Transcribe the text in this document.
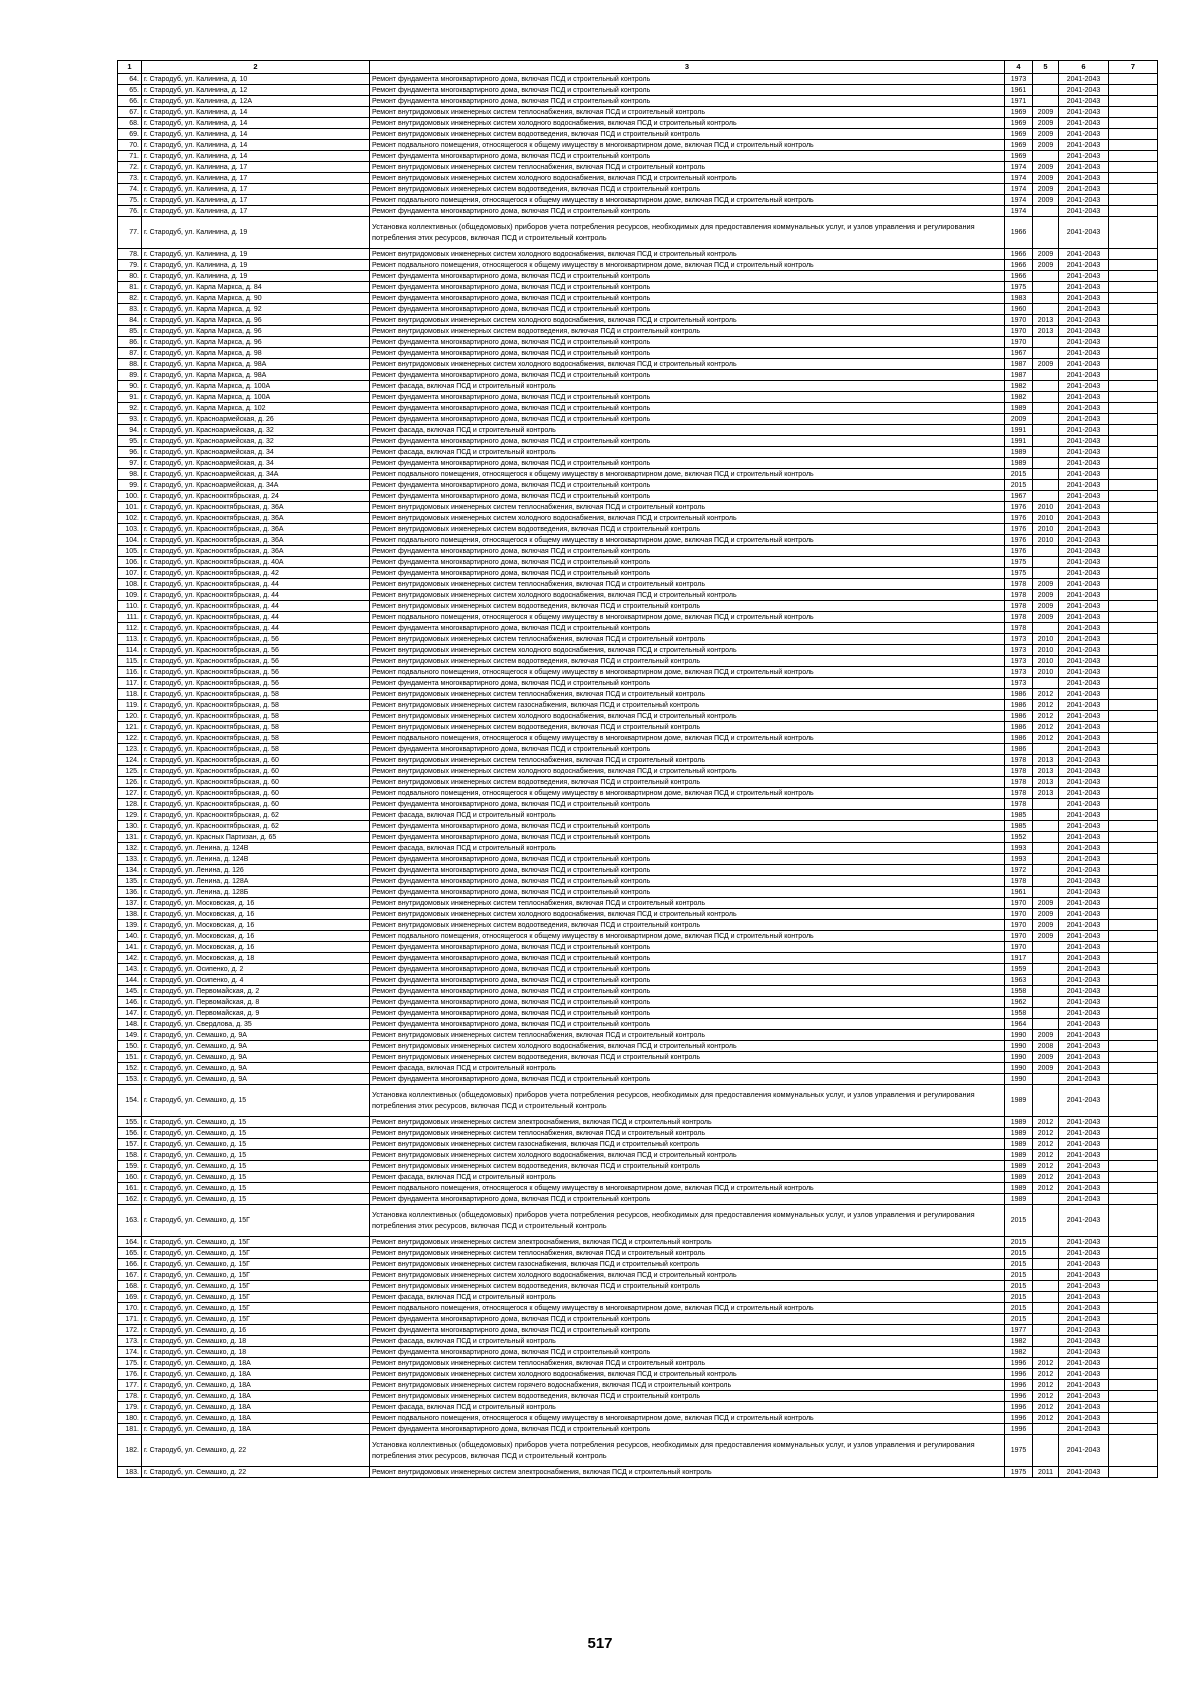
1	2	3	4	5	6	7
64.	г. Стародуб, ул. Калинина, д. 10	Ремонт фундамента многоквартирного дома, включая ПСД и строительный контроль	1973		2041-2043	
65.	г. Стародуб, ул. Калинина, д. 12	Ремонт фундамента многоквартирного дома, включая ПСД и строительный контроль	1961		2041-2043	
66.	г. Стародуб, ул. Калинина, д. 12А	Ремонт фундамента многоквартирного дома, включая ПСД и строительный контроль	1971		2041-2043	
67.	г. Стародуб, ул. Калинина, д. 14	Ремонт внутридомовых инженерных систем теплоснабжения, включая ПСД и строительный контроль	1969	2009	2041-2043	
68.	г. Стародуб, ул. Калинина, д. 14	Ремонт внутридомовых инженерных систем холодного водоснабжения, включая ПСД и строительный контроль	1969	2009	2041-2043	
69.	г. Стародуб, ул. Калинина, д. 14	Ремонт внутридомовых инженерных систем водоотведения, включая ПСД и строительный контроль	1969	2009	2041-2043	
70.	г. Стародуб, ул. Калинина, д. 14	Ремонт подвального помещения, относящегося к общему имуществу в многоквартирном доме, включая ПСД и строительный контроль	1969	2009	2041-2043	
71.	г. Стародуб, ул. Калинина, д. 14	Ремонт фундамента многоквартирного дома, включая ПСД и строительный контроль	1969		2041-2043	
72.	г. Стародуб, ул. Калинина, д. 17	Ремонт внутридомовых инженерных систем теплоснабжения, включая ПСД и строительный контроль	1974	2009	2041-2043	
73.	г. Стародуб, ул. Калинина, д. 17	Ремонт внутридомовых инженерных систем холодного водоснабжения, включая ПСД и строительный контроль	1974	2009	2041-2043	
74.	г. Стародуб, ул. Калинина, д. 17	Ремонт внутридомовых инженерных систем водоотведения, включая ПСД и строительный контроль	1974	2009	2041-2043	
75.	г. Стародуб, ул. Калинина, д. 17	Ремонт подвального помещения, относящегося к общему имуществу в многоквартирном доме, включая ПСД и строительный контроль	1974	2009	2041-2043	
76.	г. Стародуб, ул. Калинина, д. 17	Ремонт фундамента многоквартирного дома, включая ПСД и строительный контроль	1974		2041-2043	
77.	г. Стародуб, ул. Калинина, д. 19	Установка коллективных (общедомовых) приборов учета потребления ресурсов, необходимых для предоставления коммунальных услуг, и узлов управления и регулирования потребления этих ресурсов, включая ПСД и строительный контроль	1966		2041-2043	
78.	г. Стародуб, ул. Калинина, д. 19	Ремонт внутридомовых инженерных систем холодного водоснабжения, включая ПСД и строительный контроль	1966	2009	2041-2043	
79.	г. Стародуб, ул. Калинина, д. 19	Ремонт подвального помещения, относящегося к общему имуществу в многоквартирном доме, включая ПСД и строительный контроль	1966	2009	2041-2043	
80.	г. Стародуб, ул. Калинина, д. 19	Ремонт фундамента многоквартирного дома, включая ПСД и строительный контроль	1966		2041-2043	
81.	г. Стародуб, ул. Карла Маркса, д. 84	Ремонт фундамента многоквартирного дома, включая ПСД и строительный контроль	1975		2041-2043	
82.	г. Стародуб, ул. Карла Маркса, д. 90	Ремонт фундамента многоквартирного дома, включая ПСД и строительный контроль	1983		2041-2043	
83.	г. Стародуб, ул. Карла Маркса, д. 92	Ремонт фундамента многоквартирного дома, включая ПСД и строительный контроль	1960		2041-2043	
84.	г. Стародуб, ул. Карла Маркса, д. 96	Ремонт внутридомовых инженерных систем холодного водоснабжения, включая ПСД и строительный контроль	1970	2013	2041-2043	
85.	г. Стародуб, ул. Карла Маркса, д. 96	Ремонт внутридомовых инженерных систем водоотведения, включая ПСД и строительный контроль	1970	2013	2041-2043	
86.	г. Стародуб, ул. Карла Маркса, д. 96	Ремонт фундамента многоквартирного дома, включая ПСД и строительный контроль	1970		2041-2043	
87.	г. Стародуб, ул. Карла Маркса, д. 98	Ремонт фундамента многоквартирного дома, включая ПСД и строительный контроль	1967		2041-2043	
88.	г. Стародуб, ул. Карла Маркса, д. 98А	Ремонт внутридомовых инженерных систем холодного водоснабжения, включая ПСД и строительный контроль	1987	2009	2041-2043	
89.	г. Стародуб, ул. Карла Маркса, д. 98А	Ремонт фундамента многоквартирного дома, включая ПСД и строительный контроль	1987		2041-2043	
90.	г. Стародуб, ул. Карла Маркса, д. 100А	Ремонт фасада, включая ПСД и строительный контроль	1982		2041-2043	
91.	г. Стародуб, ул. Карла Маркса, д. 100А	Ремонт фундамента многоквартирного дома, включая ПСД и строительный контроль	1982		2041-2043	
92.	г. Стародуб, ул. Карла Маркса, д. 102	Ремонт фундамента многоквартирного дома, включая ПСД и строительный контроль	1989		2041-2043	
93.	г. Стародуб, ул. Красноармейская, д. 26	Ремонт фундамента многоквартирного дома, включая ПСД и строительный контроль	2009		2041-2043	
94.	г. Стародуб, ул. Красноармейская, д. 32	Ремонт фасада, включая ПСД и строительный контроль	1991		2041-2043	
95.	г. Стародуб, ул. Красноармейская, д. 32	Ремонт фундамента многоквартирного дома, включая ПСД и строительный контроль	1991		2041-2043	
96.	г. Стародуб, ул. Красноармейская, д. 34	Ремонт фасада, включая ПСД и строительный контроль	1989		2041-2043	
97.	г. Стародуб, ул. Красноармейская, д. 34	Ремонт фундамента многоквартирного дома, включая ПСД и строительный контроль	1989		2041-2043	
98.	г. Стародуб, ул. Красноармейская, д. 34А	Ремонт подвального помещения, относящегося к общему имуществу в многоквартирном доме, включая ПСД и строительный контроль	2015		2041-2043	
99.	г. Стародуб, ул. Красноармейская, д. 34А	Ремонт фундамента многоквартирного дома, включая ПСД и строительный контроль	2015		2041-2043	
100.	г. Стародуб, ул. Краснооктябрьская, д. 24	Ремонт фундамента многоквартирного дома, включая ПСД и строительный контроль	1967		2041-2043	
101.	г. Стародуб, ул. Краснооктябрьская, д. 36А	Ремонт внутридомовых инженерных систем теплоснабжения, включая ПСД и строительный контроль	1976	2010	2041-2043	
102.	г. Стародуб, ул. Краснооктябрьская, д. 36А	Ремонт внутридомовых инженерных систем холодного водоснабжения, включая ПСД и строительный контроль	1976	2010	2041-2043	
103.	г. Стародуб, ул. Краснооктябрьская, д. 36А	Ремонт внутридомовых инженерных систем водоотведения, включая ПСД и строительный контроль	1976	2010	2041-2043	
104.	г. Стародуб, ул. Краснооктябрьская, д. 36А	Ремонт подвального помещения, относящегося к общему имуществу в многоквартирном доме, включая ПСД и строительный контроль	1976	2010	2041-2043	
105.	г. Стародуб, ул. Краснооктябрьская, д. 36А	Ремонт фундамента многоквартирного дома, включая ПСД и строительный контроль	1976		2041-2043	
106.	г. Стародуб, ул. Краснооктябрьская, д. 40А	Ремонт фундамента многоквартирного дома, включая ПСД и строительный контроль	1975		2041-2043	
107.	г. Стародуб, ул. Краснооктябрьская, д. 42	Ремонт фундамента многоквартирного дома, включая ПСД и строительный контроль	1975		2041-2043	
108.	г. Стародуб, ул. Краснооктябрьская, д. 44	Ремонт внутридомовых инженерных систем теплоснабжения, включая ПСД и строительный контроль	1978	2009	2041-2043	
109.	г. Стародуб, ул. Краснооктябрьская, д. 44	Ремонт внутридомовых инженерных систем холодного водоснабжения, включая ПСД и строительный контроль	1978	2009	2041-2043	
110.	г. Стародуб, ул. Краснооктябрьская, д. 44	Ремонт внутридомовых инженерных систем водоотведения, включая ПСД и строительный контроль	1978	2009	2041-2043	
111.	г. Стародуб, ул. Краснооктябрьская, д. 44	Ремонт подвального помещения, относящегося к общему имуществу в многоквартирном доме, включая ПСД и строительный контроль	1978	2009	2041-2043	
112.	г. Стародуб, ул. Краснооктябрьская, д. 44	Ремонт фундамента многоквартирного дома, включая ПСД и строительный контроль	1978		2041-2043	
113.	г. Стародуб, ул. Краснооктябрьская, д. 56	Ремонт внутридомовых инженерных систем теплоснабжения, включая ПСД и строительный контроль	1973	2010	2041-2043	
114.	г. Стародуб, ул. Краснооктябрьская, д. 56	Ремонт внутридомовых инженерных систем холодного водоснабжения, включая ПСД и строительный контроль	1973	2010	2041-2043	
115.	г. Стародуб, ул. Краснооктябрьская, д. 56	Ремонт внутридомовых инженерных систем водоотведения, включая ПСД и строительный контроль	1973	2010	2041-2043	
116.	г. Стародуб, ул. Краснооктябрьская, д. 56	Ремонт подвального помещения, относящегося к общему имуществу в многоквартирном доме, включая ПСД и строительный контроль	1973	2010	2041-2043	
117.	г. Стародуб, ул. Краснооктябрьская, д. 56	Ремонт фундамента многоквартирного дома, включая ПСД и строительный контроль	1973		2041-2043	
118.	г. Стародуб, ул. Краснооктябрьская, д. 58	Ремонт внутридомовых инженерных систем теплоснабжения, включая ПСД и строительный контроль	1986	2012	2041-2043	
119.	г. Стародуб, ул. Краснооктябрьская, д. 58	Ремонт внутридомовых инженерных систем газоснабжения, включая ПСД и строительный контроль	1986	2012	2041-2043	
120.	г. Стародуб, ул. Краснооктябрьская, д. 58	Ремонт внутридомовых инженерных систем холодного водоснабжения, включая ПСД и строительный контроль	1986	2012	2041-2043	
121.	г. Стародуб, ул. Краснооктябрьская, д. 58	Ремонт внутридомовых инженерных систем водоотведения, включая ПСД и строительный контроль	1986	2012	2041-2043	
122.	г. Стародуб, ул. Краснооктябрьская, д. 58	Ремонт подвального помещения, относящегося к общему имуществу в многоквартирном доме, включая ПСД и строительный контроль	1986	2012	2041-2043	
123.	г. Стародуб, ул. Краснооктябрьская, д. 58	Ремонт фундамента многоквартирного дома, включая ПСД и строительный контроль	1986		2041-2043	
124.	г. Стародуб, ул. Краснооктябрьская, д. 60	Ремонт внутридомовых инженерных систем теплоснабжения, включая ПСД и строительный контроль	1978	2013	2041-2043	
125.	г. Стародуб, ул. Краснооктябрьская, д. 60	Ремонт внутридомовых инженерных систем холодного водоснабжения, включая ПСД и строительный контроль	1978	2013	2041-2043	
126.	г. Стародуб, ул. Краснооктябрьская, д. 60	Ремонт внутридомовых инженерных систем водоотведения, включая ПСД и строительный контроль	1978	2013	2041-2043	
127.	г. Стародуб, ул. Краснооктябрьская, д. 60	Ремонт подвального помещения, относящегося к общему имуществу в многоквартирном доме, включая ПСД и строительный контроль	1978	2013	2041-2043	
128.	г. Стародуб, ул. Краснооктябрьская, д. 60	Ремонт фундамента многоквартирного дома, включая ПСД и строительный контроль	1978		2041-2043	
129.	г. Стародуб, ул. Краснооктябрьская, д. 62	Ремонт фасада, включая ПСД и строительный контроль	1985		2041-2043	
130.	г. Стародуб, ул. Краснооктябрьская, д. 62	Ремонт фундамента многоквартирного дома, включая ПСД и строительный контроль	1985		2041-2043	
131.	г. Стародуб, ул. Красных Партизан, д. 65	Ремонт фундамента многоквартирного дома, включая ПСД и строительный контроль	1952		2041-2043	
132.	г. Стародуб, ул. Ленина, д. 124В	Ремонт фасада, включая ПСД и строительный контроль	1993		2041-2043	
133.	г. Стародуб, ул. Ленина, д. 124В	Ремонт фундамента многоквартирного дома, включая ПСД и строительный контроль	1993		2041-2043	
134.	г. Стародуб, ул. Ленина, д. 126	Ремонт фундамента многоквартирного дома, включая ПСД и строительный контроль	1972		2041-2043	
135.	г. Стародуб, ул. Ленина, д. 128А	Ремонт фундамента многоквартирного дома, включая ПСД и строительный контроль	1978		2041-2043	
136.	г. Стародуб, ул. Ленина, д. 128Б	Ремонт фундамента многоквартирного дома, включая ПСД и строительный контроль	1961		2041-2043	
137.	г. Стародуб, ул. Московская, д. 16	Ремонт внутридомовых инженерных систем теплоснабжения, включая ПСД и строительный контроль	1970	2009	2041-2043	
138.	г. Стародуб, ул. Московская, д. 16	Ремонт внутридомовых инженерных систем холодного водоснабжения, включая ПСД и строительный контроль	1970	2009	2041-2043	
139.	г. Стародуб, ул. Московская, д. 16	Ремонт внутридомовых инженерных систем водоотведения, включая ПСД и строительный контроль	1970	2009	2041-2043	
140.	г. Стародуб, ул. Московская, д. 16	Ремонт подвального помещения, относящегося к общему имуществу в многоквартирном доме, включая ПСД и строительный контроль	1970	2009	2041-2043	
141.	г. Стародуб, ул. Московская, д. 16	Ремонт фундамента многоквартирного дома, включая ПСД и строительный контроль	1970		2041-2043	
142.	г. Стародуб, ул. Московская, д. 18	Ремонт фундамента многоквартирного дома, включая ПСД и строительный контроль	1917		2041-2043	
143.	г. Стародуб, ул. Осипенко, д. 2	Ремонт фундамента многоквартирного дома, включая ПСД и строительный контроль	1959		2041-2043	
144.	г. Стародуб, ул. Осипенко, д. 4	Ремонт фундамента многоквартирного дома, включая ПСД и строительный контроль	1963		2041-2043	
145.	г. Стародуб, ул. Первомайская, д. 2	Ремонт фундамента многоквартирного дома, включая ПСД и строительный контроль	1958		2041-2043	
146.	г. Стародуб, ул. Первомайская, д. 8	Ремонт фундамента многоквартирного дома, включая ПСД и строительный контроль	1962		2041-2043	
147.	г. Стародуб, ул. Первомайская, д. 9	Ремонт фундамента многоквартирного дома, включая ПСД и строительный контроль	1958		2041-2043	
148.	г. Стародуб, ул. Свердлова, д. 35	Ремонт фундамента многоквартирного дома, включая ПСД и строительный контроль	1964		2041-2043	
149.	г. Стародуб, ул. Семашко, д. 9А	Ремонт внутридомовых инженерных систем теплоснабжения, включая ПСД и строительный контроль	1990	2009	2041-2043	
150.	г. Стародуб, ул. Семашко, д. 9А	Ремонт внутридомовых инженерных систем холодного водоснабжения, включая ПСД и строительный контроль	1990	2008	2041-2043	
151.	г. Стародуб, ул. Семашко, д. 9А	Ремонт внутридомовых инженерных систем водоотведения, включая ПСД и строительный контроль	1990	2009	2041-2043	
152.	г. Стародуб, ул. Семашко, д. 9А	Ремонт фасада, включая ПСД и строительный контроль	1990	2009	2041-2043	
153.	г. Стародуб, ул. Семашко, д. 9А	Ремонт фундамента многоквартирного дома, включая ПСД и строительный контроль	1990		2041-2043	
154.	г. Стародуб, ул. Семашко, д. 15	Установка коллективных (общедомовых) приборов учета потребления ресурсов, необходимых для предоставления коммунальных услуг, и узлов управления и регулирования потребления этих ресурсов, включая ПСД и строительный контроль	1989		2041-2043	
155.	г. Стародуб, ул. Семашко, д. 15	Ремонт внутридомовых инженерных систем электроснабжения, включая ПСД и строительный контроль	1989	2012	2041-2043	
156.	г. Стародуб, ул. Семашко, д. 15	Ремонт внутридомовых инженерных систем теплоснабжения, включая ПСД и строительный контроль	1989	2012	2041-2043	
157.	г. Стародуб, ул. Семашко, д. 15	Ремонт внутридомовых инженерных систем газоснабжения, включая ПСД и строительный контроль	1989	2012	2041-2043	
158.	г. Стародуб, ул. Семашко, д. 15	Ремонт внутридомовых инженерных систем холодного водоснабжения, включая ПСД и строительный контроль	1989	2012	2041-2043	
159.	г. Стародуб, ул. Семашко, д. 15	Ремонт внутридомовых инженерных систем водоотведения, включая ПСД и строительный контроль	1989	2012	2041-2043	
160.	г. Стародуб, ул. Семашко, д. 15	Ремонт фасада, включая ПСД и строительный контроль	1989	2012	2041-2043	
161.	г. Стародуб, ул. Семашко, д. 15	Ремонт подвального помещения, относящегося к общему имуществу в многоквартирном доме, включая ПСД и строительный контроль	1989	2012	2041-2043	
162.	г. Стародуб, ул. Семашко, д. 15	Ремонт фундамента многоквартирного дома, включая ПСД и строительный контроль	1989		2041-2043	
163.	г. Стародуб, ул. Семашко, д. 15Г	Установка коллективных (общедомовых) приборов учета потребления ресурсов, необходимых для предоставления коммунальных услуг, и узлов управления и регулирования потребления этих ресурсов, включая ПСД и строительный контроль	2015		2041-2043	
164.	г. Стародуб, ул. Семашко, д. 15Г	Ремонт внутридомовых инженерных систем электроснабжения, включая ПСД и строительный контроль	2015		2041-2043	
165.	г. Стародуб, ул. Семашко, д. 15Г	Ремонт внутридомовых инженерных систем теплоснабжения, включая ПСД и строительный контроль	2015		2041-2043	
166.	г. Стародуб, ул. Семашко, д. 15Г	Ремонт внутридомовых инженерных систем газоснабжения, включая ПСД и строительный контроль	2015		2041-2043	
167.	г. Стародуб, ул. Семашко, д. 15Г	Ремонт внутридомовых инженерных систем холодного водоснабжения, включая ПСД и строительный контроль	2015		2041-2043	
168.	г. Стародуб, ул. Семашко, д. 15Г	Ремонт внутридомовых инженерных систем водоотведения, включая ПСД и строительный контроль	2015		2041-2043	
169.	г. Стародуб, ул. Семашко, д. 15Г	Ремонт фасада, включая ПСД и строительный контроль	2015		2041-2043	
170.	г. Стародуб, ул. Семашко, д. 15Г	Ремонт подвального помещения, относящегося к общему имуществу в многоквартирном доме, включая ПСД и строительный контроль	2015		2041-2043	
171.	г. Стародуб, ул. Семашко, д. 15Г	Ремонт фундамента многоквартирного дома, включая ПСД и строительный контроль	2015		2041-2043	
172.	г. Стародуб, ул. Семашко, д. 16	Ремонт фундамента многоквартирного дома, включая ПСД и строительный контроль	1977		2041-2043	
173.	г. Стародуб, ул. Семашко, д. 18	Ремонт фасада, включая ПСД и строительный контроль	1982		2041-2043	
174.	г. Стародуб, ул. Семашко, д. 18	Ремонт фундамента многоквартирного дома, включая ПСД и строительный контроль	1982		2041-2043	
175.	г. Стародуб, ул. Семашко, д. 18А	Ремонт внутридомовых инженерных систем теплоснабжения, включая ПСД и строительный контроль	1996	2012	2041-2043	
176.	г. Стародуб, ул. Семашко, д. 18А	Ремонт внутридомовых инженерных систем холодного водоснабжения, включая ПСД и строительный контроль	1996	2012	2041-2043	
177.	г. Стародуб, ул. Семашко, д. 18А	Ремонт внутридомовых инженерных систем горячего водоснабжения, включая ПСД и строительный контроль	1996	2012	2041-2043	
178.	г. Стародуб, ул. Семашко, д. 18А	Ремонт внутридомовых инженерных систем водоотведения, включая ПСД и строительный контроль	1996	2012	2041-2043	
179.	г. Стародуб, ул. Семашко, д. 18А	Ремонт фасада, включая ПСД и строительный контроль	1996	2012	2041-2043	
180.	г. Стародуб, ул. Семашко, д. 18А	Ремонт подвального помещения, относящегося к общему имуществу в многоквартирном доме, включая ПСД и строительный контроль	1996	2012	2041-2043	
181.	г. Стародуб, ул. Семашко, д. 18А	Ремонт фундамента многоквартирного дома, включая ПСД и строительный контроль	1996		2041-2043	
182.	г. Стародуб, ул. Семашко, д. 22	Установка коллективных (общедомовых) приборов учета потребления ресурсов, необходимых для предоставления коммунальных услуг, и узлов управления и регулирования потребления этих ресурсов, включая ПСД и строительный контроль	1975		2041-2043	
183.	г. Стародуб, ул. Семашко, д. 22	Ремонт внутридомовых инженерных систем электроснабжения, включая ПСД и строительный контроль	1975	2011	2041-2043	
517
